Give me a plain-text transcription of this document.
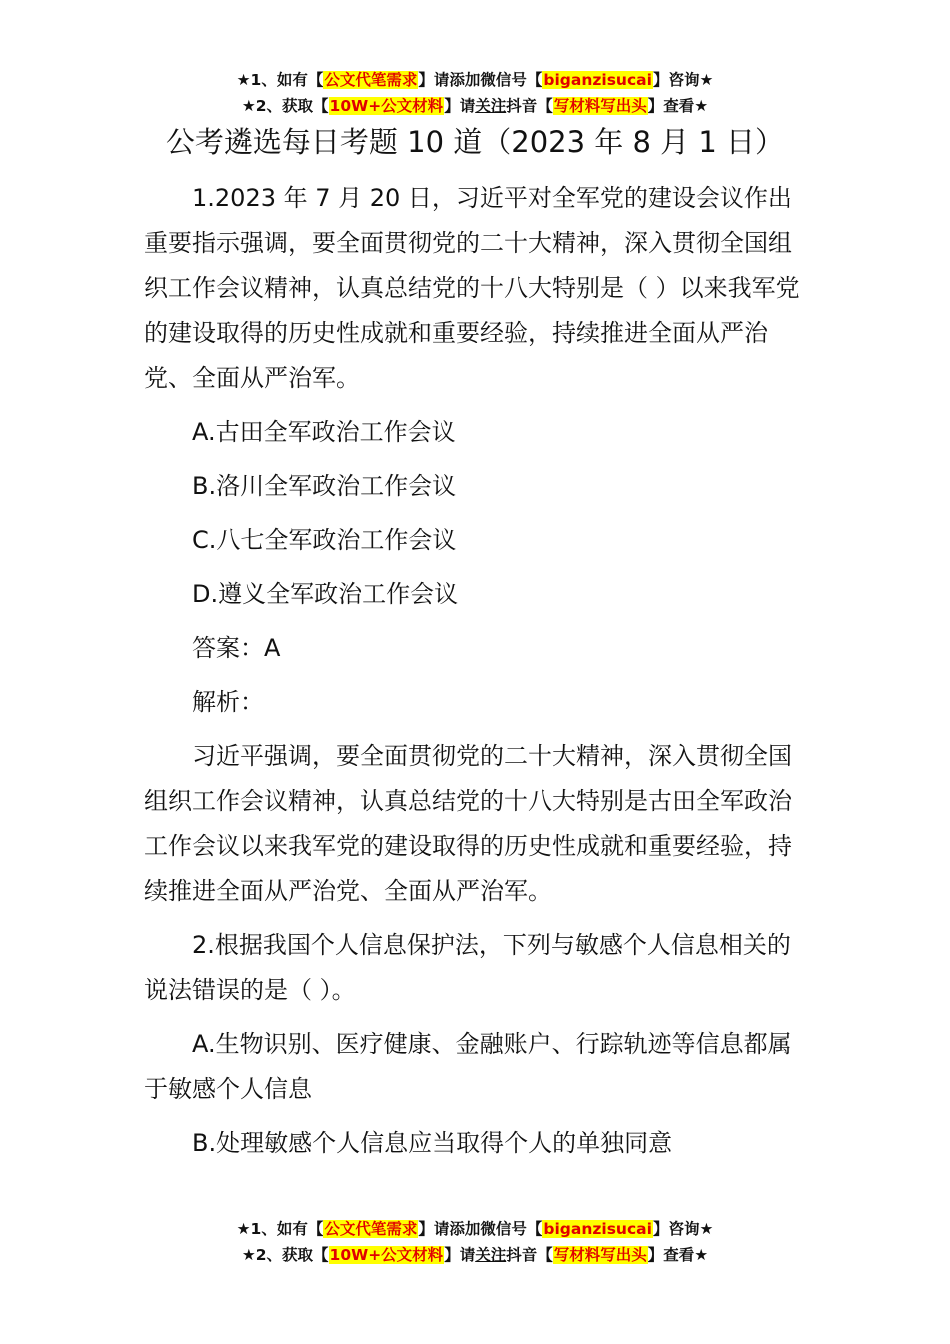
★1、如有【公文代笔需求】请添加微信号【biganzisucai】咨询★
★2、获取【10W+公文材料】请关注抖音【写材料写出头】查看★
公考遴选每日考题 10 道（2023 年 8 月 1 日）

1.2023 年 7 月 20 日，习近平对全军党的建设会议作出重要指示强调，要全面贯彻党的二十大精神，深入贯彻全国组织工作会议精神，认真总结党的十八大特别是（ ）以来我军党的建设取得的历史性成就和重要经验，持续推进全面从严治党、全面从严治军。

A.古田全军政治工作会议

B.洛川全军政治工作会议

C.八七全军政治工作会议

D.遵义全军政治工作会议

答案：A

解析：

习近平强调，要全面贯彻党的二十大精神，深入贯彻全国组织工作会议精神，认真总结党的十八大特别是古田全军政治工作会议以来我军党的建设取得的历史性成就和重要经验，持续推进全面从严治党、全面从严治军。

2.根据我国个人信息保护法，下列与敏感个人信息相关的说法错误的是（ ）。

A.生物识别、医疗健康、金融账户、行踪轨迹等信息都属于敏感个人信息

B.处理敏感个人信息应当取得个人的单独同意

★1、如有【公文代笔需求】请添加微信号【biganzisucai】咨询★
★2、获取【10W+公文材料】请关注抖音【写材料写出头】查看★
